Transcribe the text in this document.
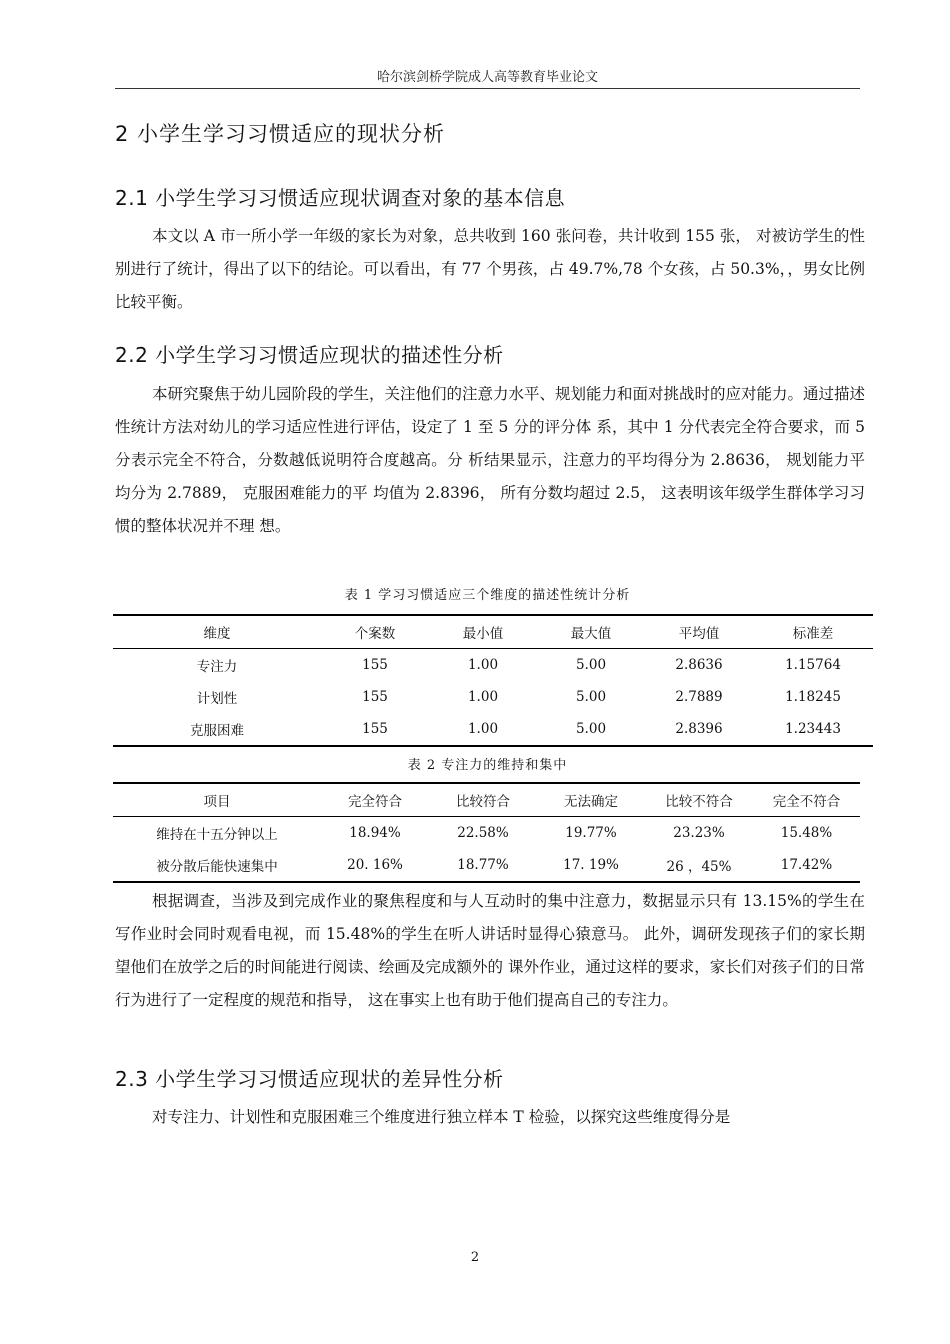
哈尔滨剑桥学院成人高等教育毕业论文
2 小学生学习习惯适应的现状分析
2.1 小学生学习习惯适应现状调查对象的基本信息
本文以 A 市一所小学一年级的家长为对象，总共收到 160 张问卷，共计收到 155 张， 对被访学生的性别进行了统计，得出了以下的结论。可以看出，有 77 个男孩，占 49.7%,78 个女孩，占 50.3%，，男女比例比较平衡。
2.2 小学生学习习惯适应现状的描述性分析
本研究聚焦于幼儿园阶段的学生，关注他们的注意力水平、规划能力和面对挑战时的应对能力。通过描述性统计方法对幼儿的学习适应性进行评估，设定了 1 至 5 分的评分体 系，其中 1 分代表完全符合要求，而 5 分表示完全不符合，分数越低说明符合度越高。分 析结果显示，注意力的平均得分为 2.8636， 规划能力平均分为 2.7889， 克服困难能力的平 均值为 2.8396， 所有分数均超过 2.5， 这表明该年级学生群体学习习惯的整体状况并不理 想。
表 1 学习习惯适应三个维度的描述性统计分析
维度	个案数	最小值	最大值	平均值	标准差
专注力	155	1.00	5.00	2.8636	1.15764
计划性	155	1.00	5.00	2.7889	1.18245
克服困难	155	1.00	5.00	2.8396	1.23443
表 2 专注力的维持和集中
项目	完全符合	比较符合	无法确定	比较不符合	完全不符合
维持在十五分钟以上	18.94%	22.58%	19.77%	23.23%	15.48%
被分散后能快速集中	20. 16%	18.77%	17. 19%	26 ，45%	17.42%
根据调查，当涉及到完成作业的聚焦程度和与人互动时的集中注意力，数据显示只有 13.15%的学生在写作业时会同时观看电视，而 15.48%的学生在听人讲话时显得心猿意马。 此外，调研发现孩子们的家长期望他们在放学之后的时间能进行阅读、绘画及完成额外的 课外作业，通过这样的要求，家长们对孩子们的日常行为进行了一定程度的规范和指导， 这在事实上也有助于他们提高自己的专注力。
2.3 小学生学习习惯适应现状的差异性分析
对专注力、计划性和克服困难三个维度进行独立样本 T 检验，以探究这些维度得分是
2
